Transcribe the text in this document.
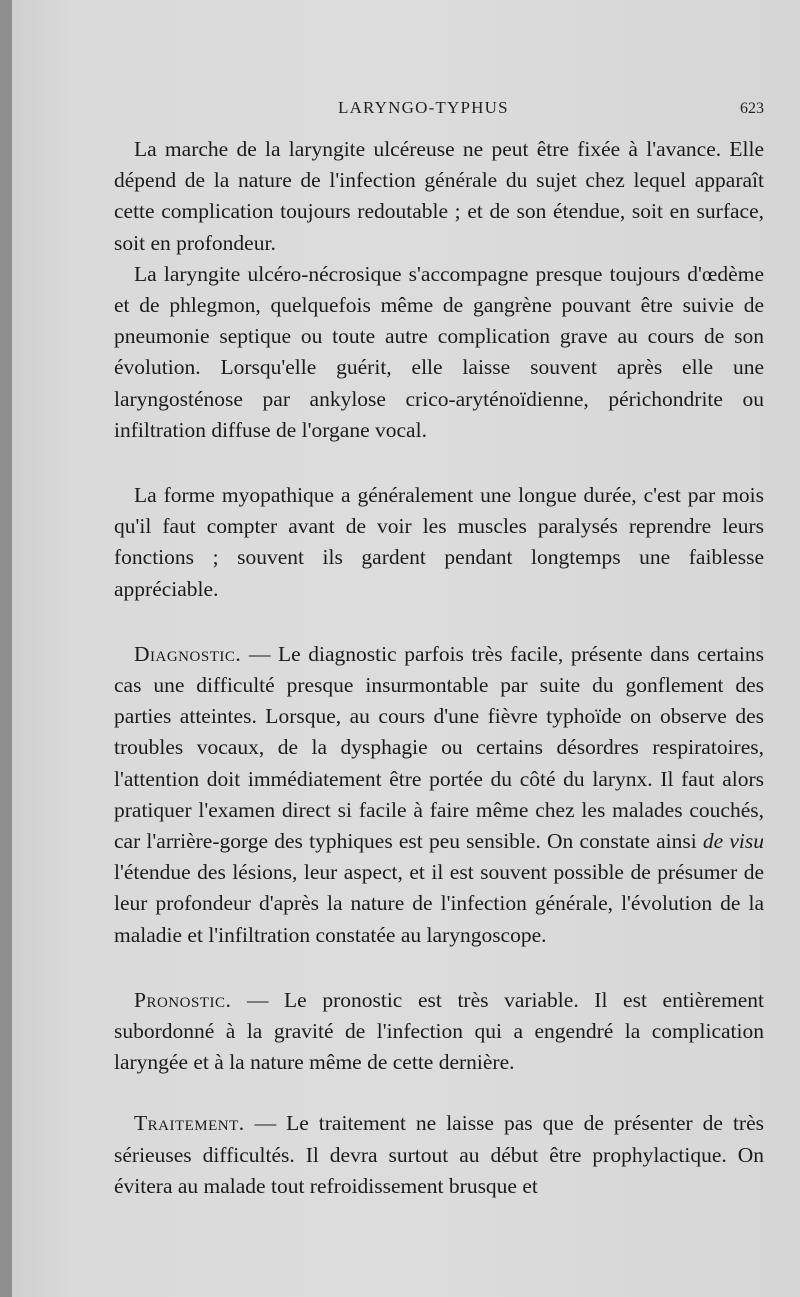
LARYNGO-TYPHUS	623

La marche de la laryngite ulcéreuse ne peut être fixée à l'avance. Elle dépend de la nature de l'infection générale du sujet chez lequel apparaît cette complication toujours redoutable ; et de son étendue, soit en surface, soit en profondeur.

La laryngite ulcéro-nécrosique s'accompagne presque toujours d'œdème et de phlegmon, quelquefois même de gangrène pouvant être suivie de pneumonie septique ou toute autre complication grave au cours de son évolution. Lorsqu'elle guérit, elle laisse souvent après elle une laryngosténose par ankylose crico-aryténoïdienne, périchondrite ou infiltration diffuse de l'organe vocal.

La forme myopathique a généralement une longue durée, c'est par mois qu'il faut compter avant de voir les muscles paralysés reprendre leurs fonctions ; souvent ils gardent pendant longtemps une faiblesse appréciable.

Diagnostic. — Le diagnostic parfois très facile, présente dans certains cas une difficulté presque insurmontable par suite du gonflement des parties atteintes. Lorsque, au cours d'une fièvre typhoïde on observe des troubles vocaux, de la dysphagie ou certains désordres respiratoires, l'attention doit immédiatement être portée du côté du larynx. Il faut alors pratiquer l'examen direct si facile à faire même chez les malades couchés, car l'arrière-gorge des typhiques est peu sensible. On constate ainsi de visu l'étendue des lésions, leur aspect, et il est souvent possible de présumer de leur profondeur d'après la nature de l'infection générale, l'évolution de la maladie et l'infiltration constatée au laryngoscope.

Pronostic. — Le pronostic est très variable. Il est entièrement subordonné à la gravité de l'infection qui a engendré la complication laryngée et à la nature même de cette dernière.

Traitement. — Le traitement ne laisse pas que de présenter de très sérieuses difficultés. Il devra surtout au début être prophylactique. On évitera au malade tout refroidissement brusque et
